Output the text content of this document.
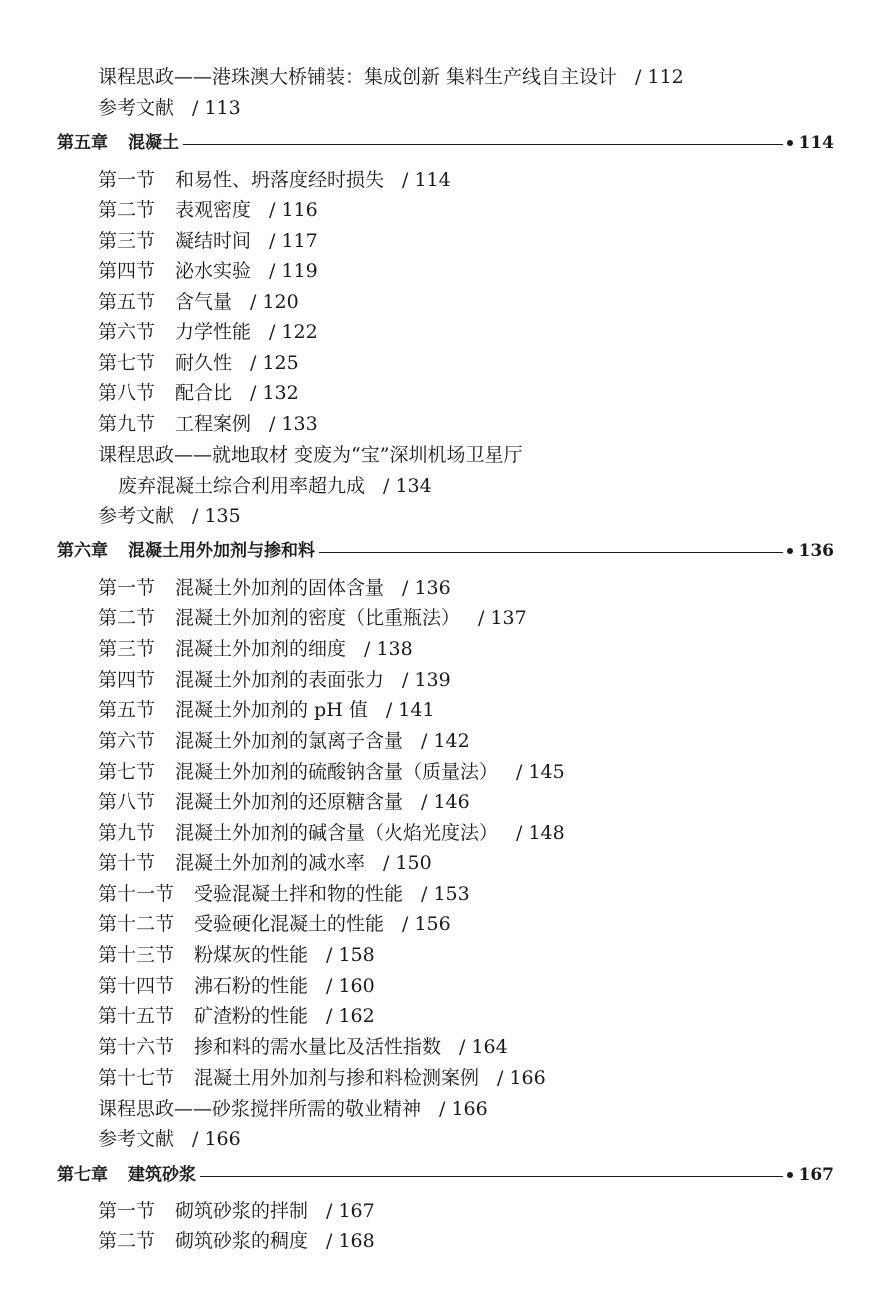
课程思政——港珠澳大桥铺装：集成创新 集料生产线自主设计 / 112
参考文献 / 113
第五章 混凝土	114
第一节 和易性、坍落度经时损失 / 114
第二节 表观密度 / 116
第三节 凝结时间 / 117
第四节 泌水实验 / 119
第五节 含气量 / 120
第六节 力学性能 / 122
第七节 耐久性 / 125
第八节 配合比 / 132
第九节 工程案例 / 133
课程思政——就地取材 变废为“宝”深圳机场卫星厅
废弃混凝土综合利用率超九成 / 134
参考文献 / 135
第六章 混凝土用外加剂与掺和料	136
第一节 混凝土外加剂的固体含量 / 136
第二节 混凝土外加剂的密度（比重瓶法） / 137
第三节 混凝土外加剂的细度 / 138
第四节 混凝土外加剂的表面张力 / 139
第五节 混凝土外加剂的 pH 值 / 141
第六节 混凝土外加剂的氯离子含量 / 142
第七节 混凝土外加剂的硫酸钠含量（质量法） / 145
第八节 混凝土外加剂的还原糖含量 / 146
第九节 混凝土外加剂的碱含量（火焰光度法） / 148
第十节 混凝土外加剂的减水率 / 150
第十一节 受验混凝土拌和物的性能 / 153
第十二节 受验硬化混凝土的性能 / 156
第十三节 粉煤灰的性能 / 158
第十四节 沸石粉的性能 / 160
第十五节 矿渣粉的性能 / 162
第十六节 掺和料的需水量比及活性指数 / 164
第十七节 混凝土用外加剂与掺和料检测案例 / 166
课程思政——砂浆搅拌所需的敬业精神 / 166
参考文献 / 166
第七章 建筑砂浆	167
第一节 砌筑砂浆的拌制 / 167
第二节 砌筑砂浆的稠度 / 168
